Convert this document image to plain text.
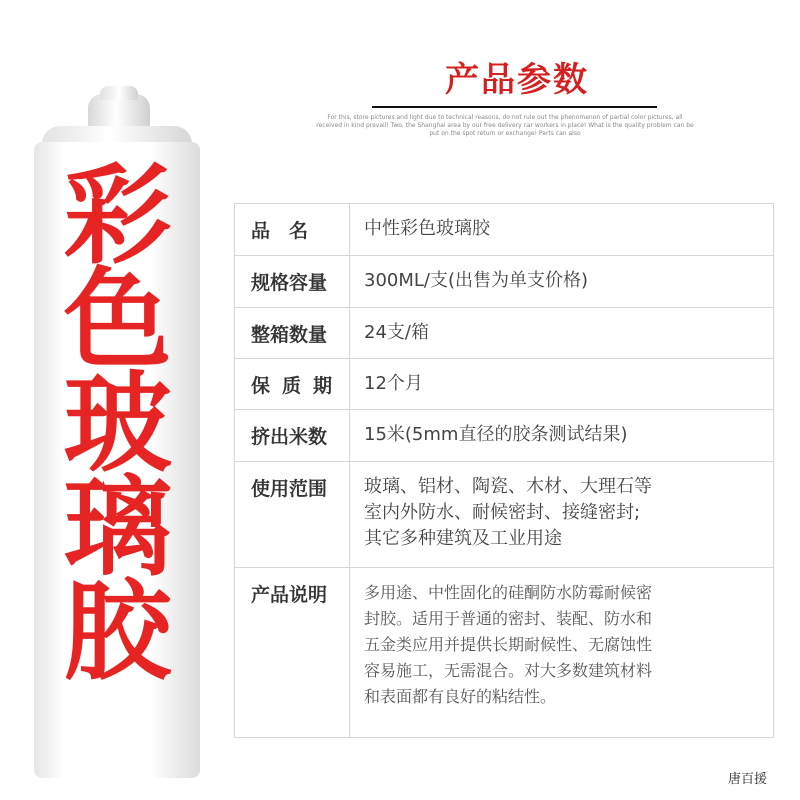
彩
色
玻
璃
胶
产品参数
For this, store pictures and light due to technical reasons, do not rule out the phenomenon of partial color pictures, all received in kind prevail! Two, the Shanghai area by our free delivery car workers in place! What is the quality problem can be put on the spot return or exchange! Parts can also
品　名	中性彩色玻璃胶

规格容量	300ML/支(出售为单支价格)

整箱数量	24支/箱

保质期	12个月

挤出米数	15米(5mm直径的胶条测试结果)

使用范围	玻璃、铝材、陶瓷、木材、大理石等
室内外防水、耐候密封、接缝密封;
其它多种建筑及工业用途

产品说明	多用途、中性固化的硅酮防水防霉耐候密
封胶。适用于普通的密封、装配、防水和
五金类应用并提供长期耐候性、无腐蚀性
容易施工，无需混合。对大多数建筑材料
和表面都有良好的粘结性。
唐百援
